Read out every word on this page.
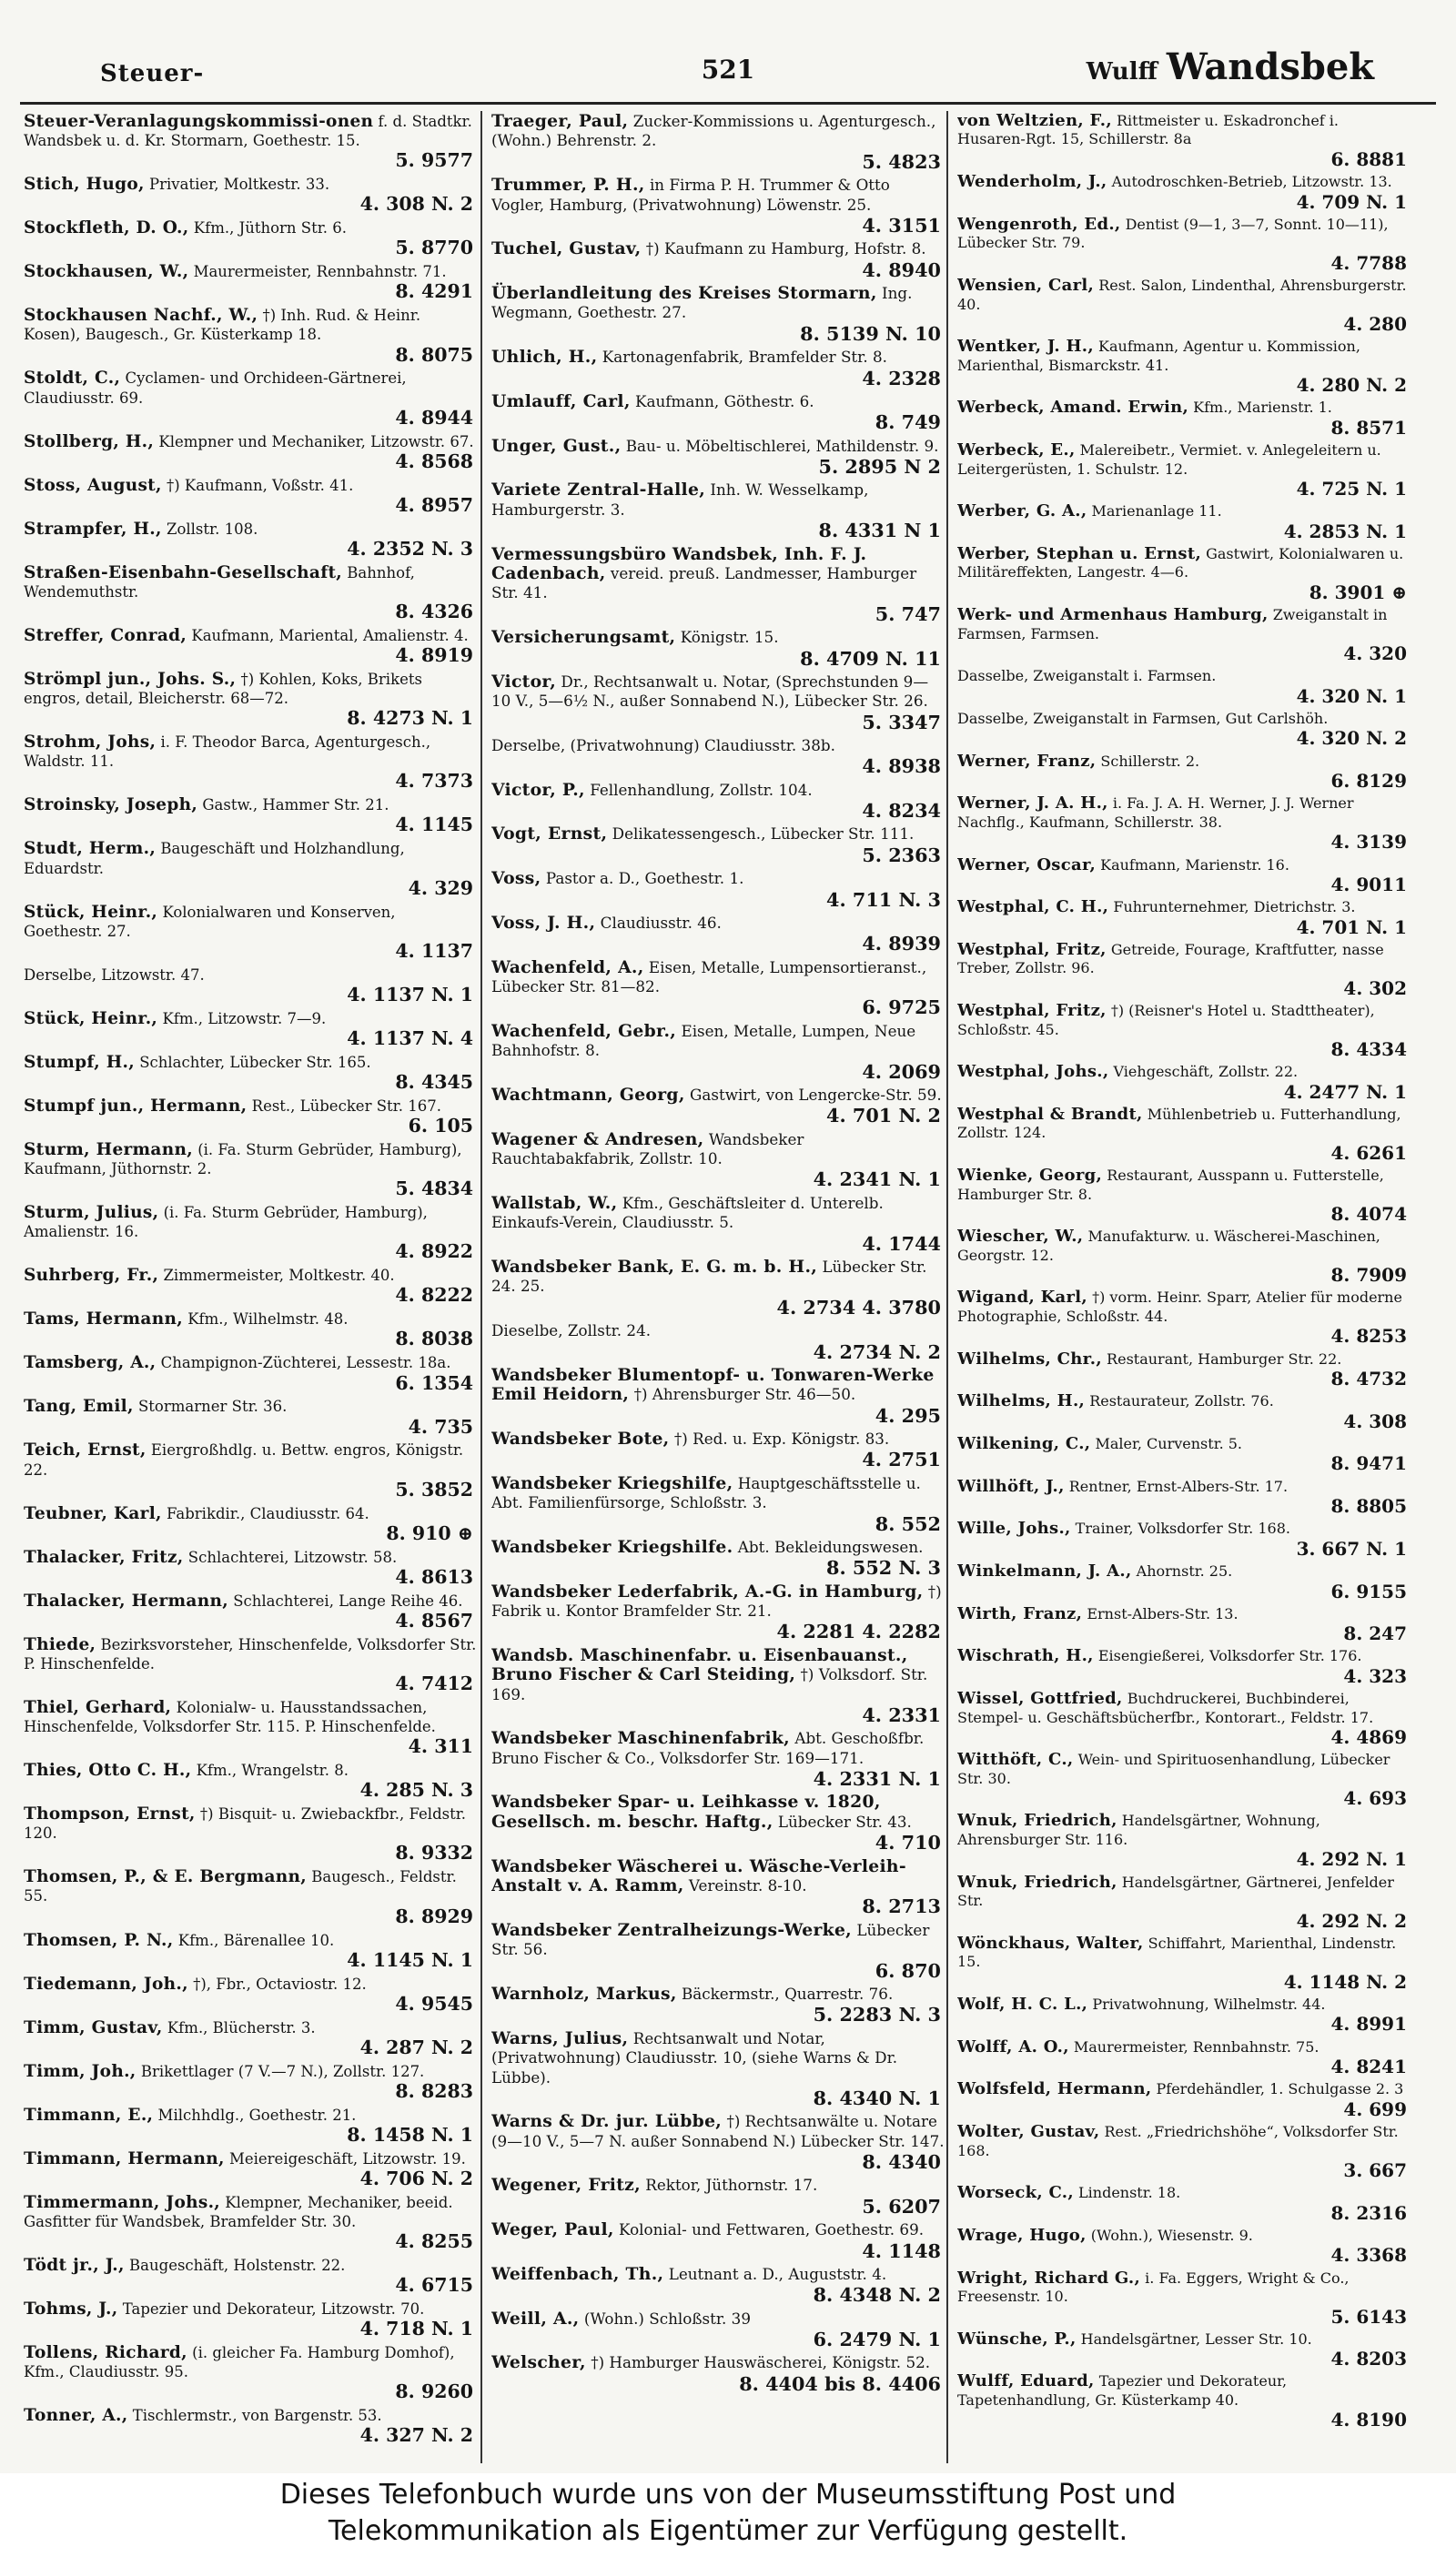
Steuer-	521	Wulff Wandsbek
Steuer-Veranlagungskommissi-onen f. d. Stadtkr. Wandsbek u. d. Kr. Stormarn, Goethestr. 15.
5. 9577
Stich, Hugo, Privatier, Moltkestr. 33.
4. 308 N. 2
Stockfleth, D. O., Kfm., Jüthorn Str. 6.
5. 8770
Stockhausen, W., Maurermeister, Rennbahnstr. 71.
8. 4291
Stockhausen Nachf., W., †) Inh. Rud. & Heinr. Kosen), Baugesch., Gr. Küsterkamp 18.
8. 8075
Stoldt, C., Cyclamen- und Orchideen-Gärtnerei, Claudiusstr. 69.
4. 8944
Stollberg, H., Klempner und Mechaniker, Litzowstr. 67.
4. 8568
Stoss, August, †) Kaufmann, Voßstr. 41.
4. 8957
Strampfer, H., Zollstr. 108.
4. 2352 N. 3
Straßen-Eisenbahn-Gesellschaft, Bahnhof, Wendemuthstr.
8. 4326
Streffer, Conrad, Kaufmann, Mariental, Amalienstr. 4.
4. 8919
Strömpl jun., Johs. S., †) Kohlen, Koks, Brikets engros, detail, Bleicherstr. 68—72.
8. 4273 N. 1
Strohm, Johs, i. F. Theodor Barca, Agenturgesch., Waldstr. 11.
4. 7373
Stroinsky, Joseph, Gastw., Hammer Str. 21.
4. 1145
Studt, Herm., Baugeschäft und Holzhandlung, Eduardstr.
4. 329
Stück, Heinr., Kolonialwaren und Konserven, Goethestr. 27.
4. 1137
Derselbe, Litzowstr. 47.
4. 1137 N. 1
Stück, Heinr., Kfm., Litzowstr. 7—9.
4. 1137 N. 4
Stumpf, H., Schlachter, Lübecker Str. 165.
8. 4345
Stumpf jun., Hermann, Rest., Lübecker Str. 167.
6. 105
Sturm, Hermann, (i. Fa. Sturm Gebrüder, Hamburg), Kaufmann, Jüthornstr. 2.
5. 4834
Sturm, Julius, (i. Fa. Sturm Gebrüder, Hamburg), Amalienstr. 16.
4. 8922
Suhrberg, Fr., Zimmermeister, Moltkestr. 40.
4. 8222
Tams, Hermann, Kfm., Wilhelmstr. 48.
8. 8038
Tamsberg, A., Champignon-Züchterei, Lessestr. 18a.
6. 1354
Tang, Emil, Stormarner Str. 36.
4. 735
Teich, Ernst, Eiergroßhdlg. u. Bettw. engros, Königstr. 22.
5. 3852
Teubner, Karl, Fabrikdir., Claudiusstr. 64.
8. 910 ⊕
Thalacker, Fritz, Schlachterei, Litzowstr. 58.
4. 8613
Thalacker, Hermann, Schlachterei, Lange Reihe 46.
4. 8567
Thiede, Bezirksvorsteher, Hinschenfelde, Volksdorfer Str. P. Hinschenfelde.
4. 7412
Thiel, Gerhard, Kolonialw- u. Hausstandssachen, Hinschenfelde, Volksdorfer Str. 115. P. Hinschenfelde.
4. 311
Thies, Otto C. H., Kfm., Wrangelstr. 8.
4. 285 N. 3
Thompson, Ernst, †) Bisquit- u. Zwiebackfbr., Feldstr. 120.
8. 9332
Thomsen, P., & E. Bergmann, Baugesch., Feldstr. 55.
8. 8929
Thomsen, P. N., Kfm., Bärenallee 10.
4. 1145 N. 1
Tiedemann, Joh., †), Fbr., Octaviostr. 12.
4. 9545
Timm, Gustav, Kfm., Blücherstr. 3.
4. 287 N. 2
Timm, Joh., Brikettlager (7 V.—7 N.), Zollstr. 127.
8. 8283
Timmann, E., Milchhdlg., Goethestr. 21.
8. 1458 N. 1
Timmann, Hermann, Meiereigeschäft, Litzowstr. 19.
4. 706 N. 2
Timmermann, Johs., Klempner, Mechaniker, beeid. Gasfitter für Wandsbek, Bramfelder Str. 30.
4. 8255
Tödt jr., J., Baugeschäft, Holstenstr. 22.
4. 6715
Tohms, J., Tapezier und Dekorateur, Litzowstr. 70.
4. 718 N. 1
Tollens, Richard, (i. gleicher Fa. Hamburg Domhof), Kfm., Claudiusstr. 95.
8. 9260
Tonner, A., Tischlermstr., von Bargenstr. 53.
4. 327 N. 2
Traeger, Paul, Zucker-Kommissions u. Agenturgesch., (Wohn.) Behrenstr. 2.
5. 4823
Trummer, P. H., in Firma P. H. Trummer & Otto Vogler, Hamburg, (Privatwohnung) Löwenstr. 25.
4. 3151
Tuchel, Gustav, †) Kaufmann zu Hamburg, Hofstr. 8.
4. 8940
Überlandleitung des Kreises Stormarn, Ing. Wegmann, Goethestr. 27.
8. 5139 N. 10
Uhlich, H., Kartonagenfabrik, Bramfelder Str. 8.
4. 2328
Umlauff, Carl, Kaufmann, Göthestr. 6.
8. 749
Unger, Gust., Bau- u. Möbeltischlerei, Mathildenstr. 9.
5. 2895 N 2
Variete Zentral-Halle, Inh. W. Wesselkamp, Hamburgerstr. 3.
8. 4331 N 1
Vermessungsbüro Wandsbek, Inh. F. J. Cadenbach, vereid. preuß. Landmesser, Hamburger Str. 41.
5. 747
Versicherungsamt, Königstr. 15.
8. 4709 N. 11
Victor, Dr., Rechtsanwalt u. Notar, (Sprechstunden 9—10 V., 5—6½ N., außer Sonnabend N.), Lübecker Str. 26.
5. 3347
Derselbe, (Privatwohnung) Claudiusstr. 38b.
4. 8938
Victor, P., Fellenhandlung, Zollstr. 104.
4. 8234
Vogt, Ernst, Delikatessengesch., Lübecker Str. 111.
5. 2363
Voss, Pastor a. D., Goethestr. 1.
4. 711 N. 3
Voss, J. H., Claudiusstr. 46.
4. 8939
Wachenfeld, A., Eisen, Metalle, Lumpensortieranst., Lübecker Str. 81—82.
6. 9725
Wachenfeld, Gebr., Eisen, Metalle, Lumpen, Neue Bahnhofstr. 8.
4. 2069
Wachtmann, Georg, Gastwirt, von Lengercke-Str. 59.
4. 701 N. 2
Wagener & Andresen, Wandsbeker Rauchtabakfabrik, Zollstr. 10.
4. 2341 N. 1
Wallstab, W., Kfm., Geschäftsleiter d. Unterelb. Einkaufs-Verein, Claudiusstr. 5.
4. 1744
Wandsbeker Bank, E. G. m. b. H., Lübecker Str. 24. 25.
4. 2734 4. 3780
Dieselbe, Zollstr. 24.
4. 2734 N. 2
Wandsbeker Blumentopf- u. Tonwaren-Werke Emil Heidorn, †) Ahrensburger Str. 46—50.
4. 295
Wandsbeker Bote, †) Red. u. Exp. Königstr. 83.
4. 2751
Wandsbeker Kriegshilfe, Hauptgeschäftsstelle u. Abt. Familienfürsorge, Schloßstr. 3.
8. 552
Wandsbeker Kriegshilfe. Abt. Bekleidungswesen.
8. 552 N. 3
Wandsbeker Lederfabrik, A.-G. in Hamburg, †) Fabrik u. Kontor Bramfelder Str. 21.
4. 2281 4. 2282
Wandsb. Maschinenfabr. u. Eisenbauanst., Bruno Fischer & Carl Steiding, †) Volksdorf. Str. 169.
4. 2331
Wandsbeker Maschinenfabrik, Abt. Geschoßfbr. Bruno Fischer & Co., Volksdorfer Str. 169—171.
4. 2331 N. 1
Wandsbeker Spar- u. Leihkasse v. 1820, Gesellsch. m. beschr. Haftg., Lübecker Str. 43.
4. 710
Wandsbeker Wäscherei u. Wäsche-Verleih-Anstalt v. A. Ramm, Vereinstr. 8-10.
8. 2713
Wandsbeker Zentralheizungs-Werke, Lübecker Str. 56.
6. 870
Warnholz, Markus, Bäckermstr., Quarrestr. 76.
5. 2283 N. 3
Warns, Julius, Rechtsanwalt und Notar, (Privatwohnung) Claudiusstr. 10, (siehe Warns & Dr. Lübbe).
8. 4340 N. 1
Warns & Dr. jur. Lübbe, †) Rechtsanwälte u. Notare (9—10 V., 5—7 N. außer Sonnabend N.) Lübecker Str. 147.
8. 4340
Wegener, Fritz, Rektor, Jüthornstr. 17.
5. 6207
Weger, Paul, Kolonial- und Fettwaren, Goethestr. 69.
4. 1148
Weiffenbach, Th., Leutnant a. D., Auguststr. 4.
8. 4348 N. 2
Weill, A., (Wohn.) Schloßstr. 39
6. 2479 N. 1
Welscher, †) Hamburger Hauswäscherei, Königstr. 52.
8. 4404 bis 8. 4406
von Weltzien, F., Rittmeister u. Eskadronchef i. Husaren-Rgt. 15, Schillerstr. 8a
6. 8881
Wenderholm, J., Autodroschken-Betrieb, Litzowstr. 13.
4. 709 N. 1
Wengenroth, Ed., Dentist (9—1, 3—7, Sonnt. 10—11), Lübecker Str. 79.
4. 7788
Wensien, Carl, Rest. Salon, Lindenthal, Ahrensburgerstr. 40.
4. 280
Wentker, J. H., Kaufmann, Agentur u. Kommission, Marienthal, Bismarckstr. 41.
4. 280 N. 2
Werbeck, Amand. Erwin, Kfm., Marienstr. 1.
8. 8571
Werbeck, E., Malereibetr., Vermiet. v. Anlegeleitern u. Leitergerüsten, 1. Schulstr. 12.
4. 725 N. 1
Werber, G. A., Marienanlage 11.
4. 2853 N. 1
Werber, Stephan u. Ernst, Gastwirt, Kolonialwaren u. Militäreffekten, Langestr. 4—6.
8. 3901 ⊕
Werk- und Armenhaus Hamburg, Zweiganstalt in Farmsen, Farmsen.
4. 320
Dasselbe, Zweiganstalt i. Farmsen.
4. 320 N. 1
Dasselbe, Zweiganstalt in Farmsen, Gut Carlshöh.
4. 320 N. 2
Werner, Franz, Schillerstr. 2.
6. 8129
Werner, J. A. H., i. Fa. J. A. H. Werner, J. J. Werner Nachflg., Kaufmann, Schillerstr. 38.
4. 3139
Werner, Oscar, Kaufmann, Marienstr. 16.
4. 9011
Westphal, C. H., Fuhrunternehmer, Dietrichstr. 3.
4. 701 N. 1
Westphal, Fritz, Getreide, Fourage, Kraftfutter, nasse Treber, Zollstr. 96.
4. 302
Westphal, Fritz, †) (Reisner's Hotel u. Stadttheater), Schloßstr. 45.
8. 4334
Westphal, Johs., Viehgeschäft, Zollstr. 22.
4. 2477 N. 1
Westphal & Brandt, Mühlenbetrieb u. Futterhandlung, Zollstr. 124.
4. 6261
Wienke, Georg, Restaurant, Ausspann u. Futterstelle, Hamburger Str. 8.
8. 4074
Wiescher, W., Manufakturw. u. Wäscherei-Maschinen, Georgstr. 12.
8. 7909
Wigand, Karl, †) vorm. Heinr. Sparr, Atelier für moderne Photographie, Schloßstr. 44.
4. 8253
Wilhelms, Chr., Restaurant, Hamburger Str. 22.
8. 4732
Wilhelms, H., Restaurateur, Zollstr. 76.
4. 308
Wilkening, C., Maler, Curvenstr. 5.
8. 9471
Willhöft, J., Rentner, Ernst-Albers-Str. 17.
8. 8805
Wille, Johs., Trainer, Volksdorfer Str. 168.
3. 667 N. 1
Winkelmann, J. A., Ahornstr. 25.
6. 9155
Wirth, Franz, Ernst-Albers-Str. 13.
8. 247
Wischrath, H., Eisengießerei, Volksdorfer Str. 176.
4. 323
Wissel, Gottfried, Buchdruckerei, Buchbinderei, Stempel- u. Geschäftsbücherfbr., Kontorart., Feldstr. 17.
4. 4869
Witthöft, C., Wein- und Spirituosenhandlung, Lübecker Str. 30.
4. 693
Wnuk, Friedrich, Handelsgärtner, Wohnung, Ahrensburger Str. 116.
4. 292 N. 1
Wnuk, Friedrich, Handelsgärtner, Gärtnerei, Jenfelder Str.
4. 292 N. 2
Wönckhaus, Walter, Schiffahrt, Marienthal, Lindenstr. 15.
4. 1148 N. 2
Wolf, H. C. L., Privatwohnung, Wilhelmstr. 44.
4. 8991
Wolff, A. O., Maurermeister, Rennbahnstr. 75.
4. 8241
Wolfsfeld, Hermann, Pferdehändler, 1. Schulgasse 2. 3
4. 699
Wolter, Gustav, Rest. „Friedrichshöhe“, Volksdorfer Str. 168.
3. 667
Worseck, C., Lindenstr. 18.
8. 2316
Wrage, Hugo, (Wohn.), Wiesenstr. 9.
4. 3368
Wright, Richard G., i. Fa. Eggers, Wright & Co., Freesenstr. 10.
5. 6143
Wünsche, P., Handelsgärtner, Lesser Str. 10.
4. 8203
Wulff, Eduard, Tapezier und Dekorateur, Tapetenhandlung, Gr. Küsterkamp 40.
4. 8190
Dieses Telefonbuch wurde uns von der Museumsstiftung Post und
Telekommunikation als Eigentümer zur Verfügung gestellt.
